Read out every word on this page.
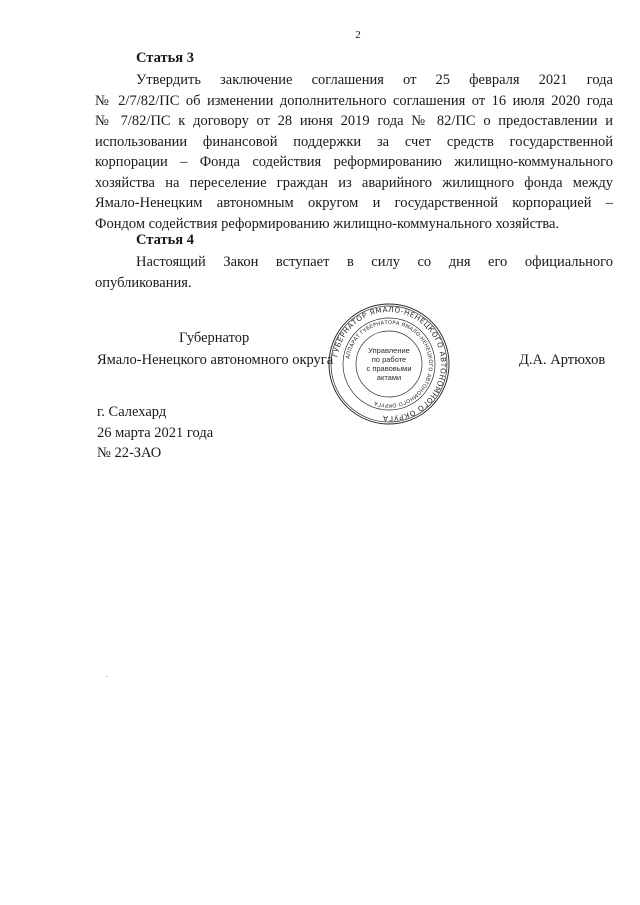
2
Статья 3
Утвердить заключение соглашения от 25 февраля 2021 года
№ 2/7/82/ПС об изменении дополнительного соглашения от 16 июля 2020 года
№ 7/82/ПС к договору от 28 июня 2019 года № 82/ПС о предоставлении и
использовании финансовой поддержки за счет средств государственной
корпорации – Фонда содействия реформированию жилищно-коммунального
хозяйства на переселение граждан из аварийного жилищного фонда между
Ямало-Ненецким автономным округом и государственной корпорацией –
Фондом содействия реформированию жилищно-коммунального хозяйства.
Статья 4
Настоящий Закон вступает в силу со дня его официального
опубликования.
Губернатор
Ямало-Ненецкого автономного округа	Д.А. Артюхов
ГУБЕРНАТОР ЯМАЛО-НЕНЕЦКОГО АВТОНОМНОГО ОКРУГА
АППАРАТ ГУБЕРНАТОРА ЯМАЛО-НЕНЕЦКОГО АВТОНОМНОГО ОКРУГА
Управление
по работе
с правовыми
актами
г. Салехард
26 марта 2021 года
№ 22-ЗАО
